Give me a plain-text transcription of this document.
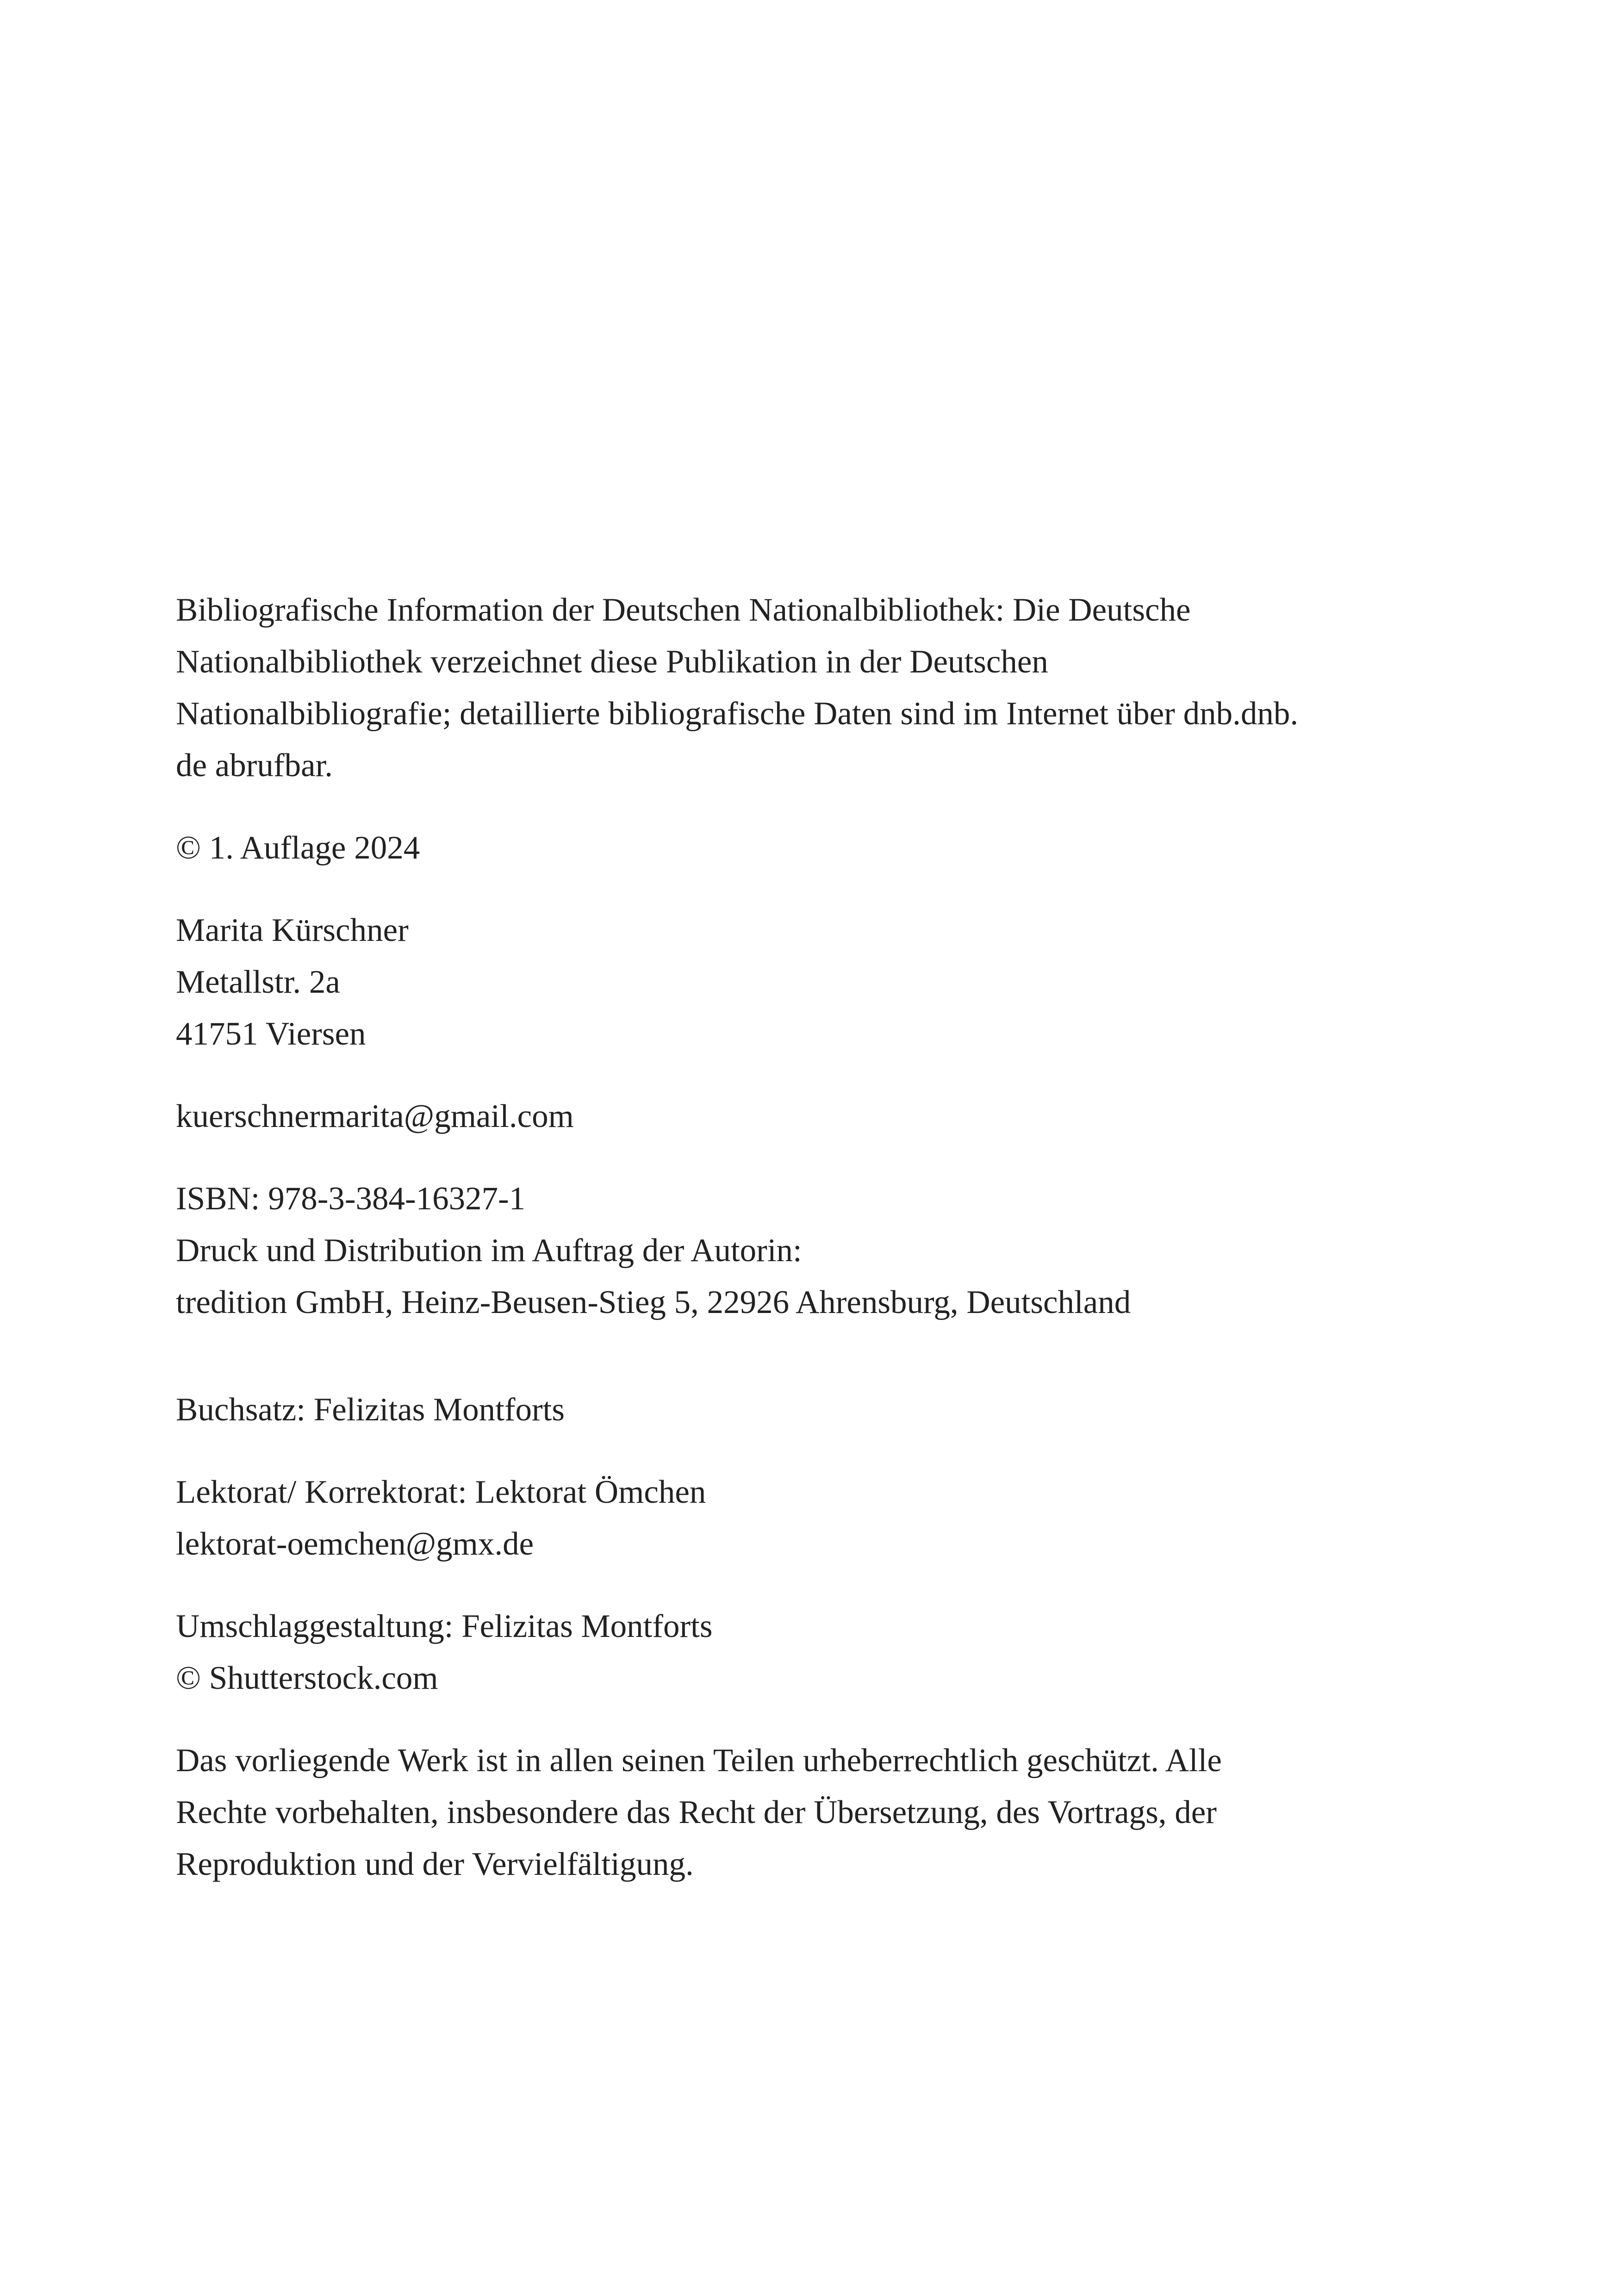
Bibliografische Information der Deutschen Nationalbibliothek: Die Deutsche

Nationalbibliothek verzeichnet diese Publikation in der Deutschen

Nationalbibliografie; detaillierte bibliografische Daten sind im Internet über dnb.dnb.

de abrufbar.

© 1. Auflage 2024

Marita Kürschner

Metallstr. 2a

41751 Viersen

kuerschnermarita@gmail.com

ISBN: 978-3-384-16327-1

Druck und Distribution im Auftrag der Autorin:

tredition GmbH, Heinz-Beusen-Stieg 5, 22926 Ahrensburg, Deutschland

Buchsatz: Felizitas Montforts

Lektorat/ Korrektorat: Lektorat Ömchen

lektorat-oemchen@gmx.de

Umschlaggestaltung: Felizitas Montforts

© Shutterstock.com

Das vorliegende Werk ist in allen seinen Teilen urheberrechtlich geschützt. Alle

Rechte vorbehalten, insbesondere das Recht der Übersetzung, des Vortrags, der

Reproduktion und der Vervielfältigung.
